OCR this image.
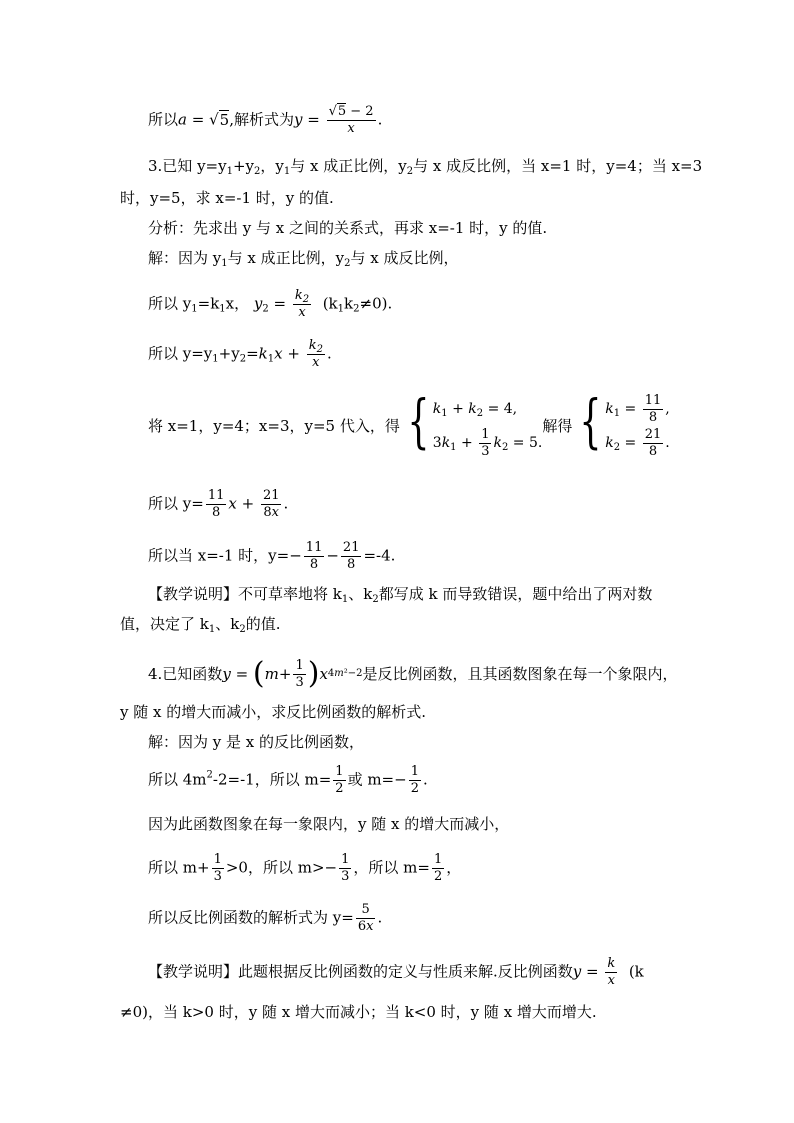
所以a = √5,解析式为$y = \frac{√5 - 2}{x}$ .
3.已知 $y=y_1+y_2$，$y_1$与 x 成正比例，$y_2$与 x 成反比例，当 x=1 时，y=4；当 x=3
时，y=5，求 x=-1 时，y 的值.
分析：先求出 y 与 x 之间的关系式，再求 x=-1 时，y 的值.
解：因为 $y_1$与 x 成正比例，$y_2$与 x 成反比例，
所以 $y_1=k_1x$， $y_2 = \frac{k_2}{x} (k_1k_2\ne 0)$.
所以 $y=y_1+y_2=k_1x + \frac{k_2}{x}$ .
将 x=1，y=4；x=3，y=5 代入，得 { $k_1 + k_2 = 4$,
$3k_1 + \frac{1}{3} k_2 = 5$.
解得 { $k_1 = \frac{11}{8}$ ,
$k_2 = \frac{21}{8}$ .
所以 $y= \frac{11}{8}$ $x + \frac{21}{8x}$ .
所以当 x=-1 时，$y=- \frac{11}{8} - \frac{21}{8} =-4$.
【教学说明】不可草率地将 $k_1$、$k_2$都写成 k 而导致错误，题中给出了两对数
值，决定了 $k_1$、$k_2$的值.
4.已知函数 y = ( $m + \frac{1}{3}$ ) x 4m²−2 是反比例函数，且其函数图象在每一个象限内，
y 随 x 的增大而减小，求反比例函数的解析式.
解：因为 y 是 x 的反比例函数，
所以 $4m^2-2=-1$，所以 $m= \frac{1}{2}$ 或 $m=- \frac{1}{2}$ .
因为此函数图象在每一象限内，y 随 x 的增大而减小，
所以 $m+ \frac{1}{3} >0$，所以 $m>- \frac{1}{3}$ ，所以 $m= \frac{1}{2}$ ，
所以反比例函数的解析式为 $y= \frac{5}{6x}$ .
【教学说明】此题根据反比例函数的定义与性质来解.反比例函数$y = \frac{k}{x} (k$
≠0)，当 k>0 时，y 随 x 增大而减小；当 k<0 时，y 随 x 增大而增大.
